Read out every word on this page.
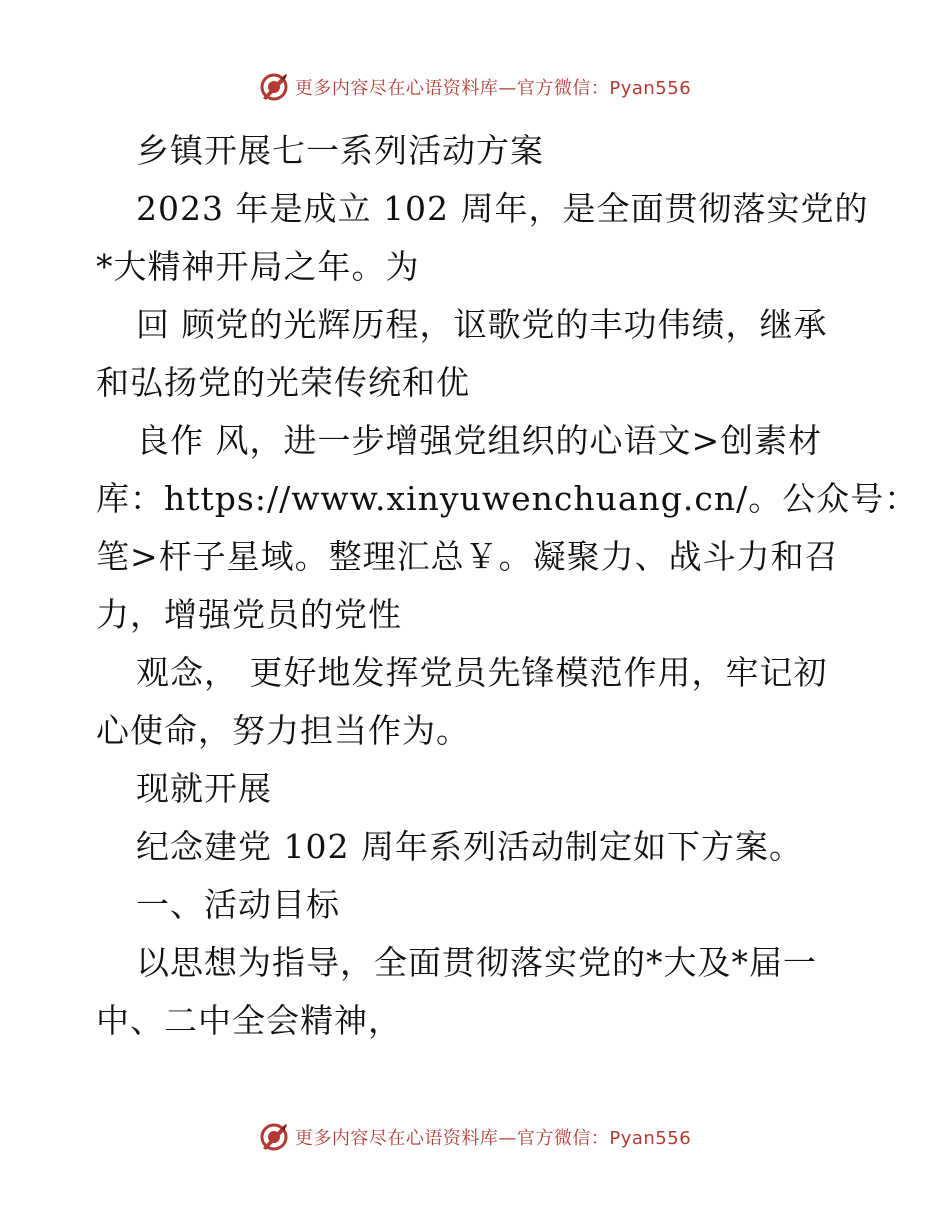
更多内容尽在心语资料库—官方微信：Pyan556
乡镇开展七一系列活动方案
2023 年是成立 102 周年，是全面贯彻落实党的
*大精神开局之年。为
回 顾党的光辉历程，讴歌党的丰功伟绩，继承
和弘扬党的光荣传统和优
良作 风，进一步增强党组织的心语文>创素材
库：https://www.xinyuwenchuang.cn/。公众号：
笔>杆子星域。整理汇总￥。凝聚力、战斗力和召
力，增强党员的党性
观念， 更好地发挥党员先锋模范作用，牢记初
心使命，努力担当作为。
现就开展
纪念建党 102 周年系列活动制定如下方案。
一、活动目标
以思想为指导，全面贯彻落实党的*大及*届一
中、二中全会精神，
更多内容尽在心语资料库—官方微信：Pyan556
